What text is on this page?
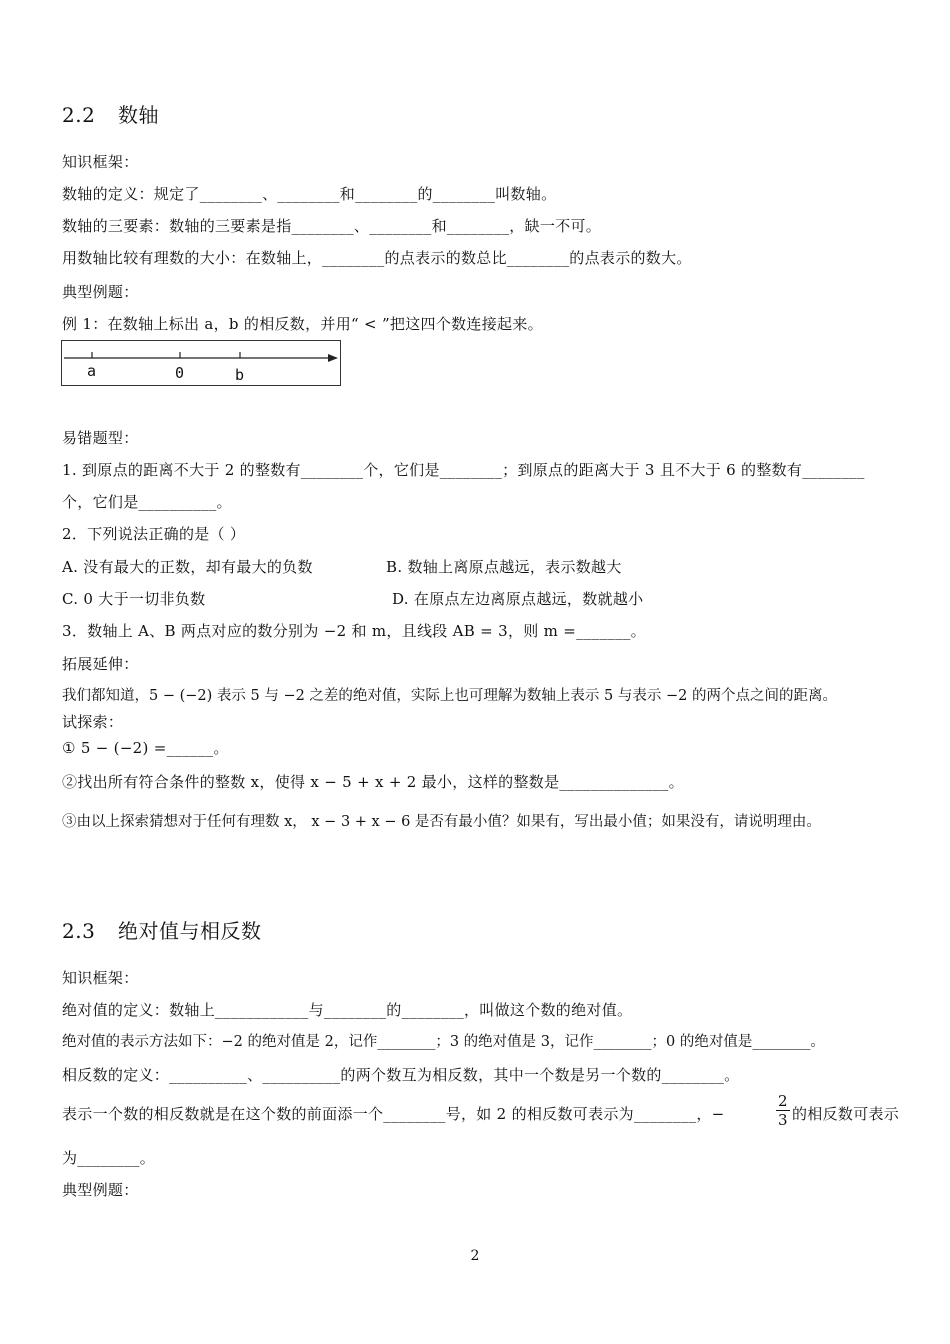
2.2 数轴
知识框架：
数轴的定义：规定了________、________和________的________叫数轴。
数轴的三要素：数轴的三要素是指________、________和________，缺一不可。
用数轴比较有理数的大小：在数轴上，________的点表示的数总比________的点表示的数大。
典型例题：
例 1：在数轴上标出 a，b 的相反数，并用“ < ”把这四个数连接起来。
a	0	b
易错题型：
1. 到原点的距离不大于 2 的整数有________个，它们是________；到原点的距离大于 3 且不大于 6 的整数有________
个，它们是__________。
2．下列说法正确的是（ ）
A. 没有最大的正数，却有最大的负数	B. 数轴上离原点越远，表示数越大
C. 0 大于一切非负数	D. 在原点左边离原点越远，数就越小
3．数轴上 A、B 两点对应的数分别为 −2 和 m，且线段 AB = 3，则 m =_______。
拓展延伸：
我们都知道，5 − (−2) 表示 5 与 −2 之差的绝对值，实际上也可理解为数轴上表示 5 与表示 −2 的两个点之间的距离。
试探索：
① 5 − (−2) =______。
②找出所有符合条件的整数 x，使得 x − 5 + x + 2 最小，这样的整数是______________。
③由以上探索猜想对于任何有理数 x， x − 3 + x − 6 是否有最小值？如果有，写出最小值；如果没有，请说明理由。
2.3 绝对值与相反数
知识框架：
绝对值的定义：数轴上____________与________的________，叫做这个数的绝对值。
绝对值的表示方法如下：−2 的绝对值是 2，记作________；3 的绝对值是 3，记作________；0 的绝对值是________。
相反数的定义：__________、__________的两个数互为相反数，其中一个数是另一个数的________。
表示一个数的相反数就是在这个数的前面添一个________号，如 2 的相反数可表示为________，−	$\frac{2}{3}$ 的相反数可表示
为________。
典型例题：
2
